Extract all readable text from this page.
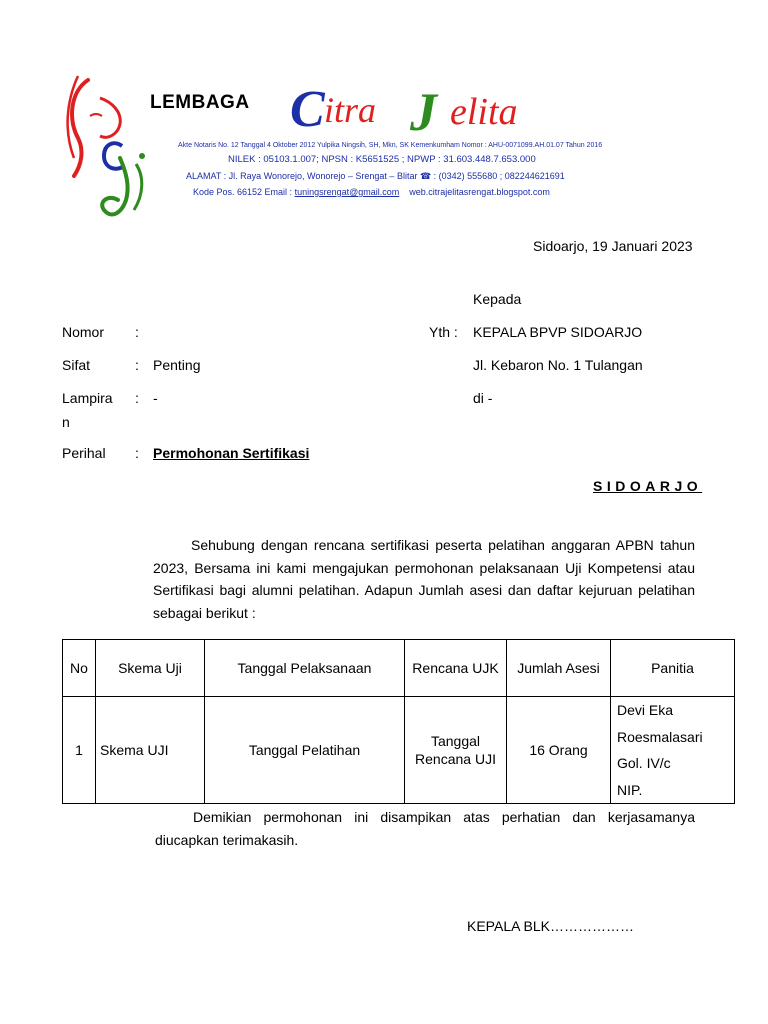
LEMBAGA C itra J elita
Akte Notaris No. 12 Tanggal 4 Oktober 2012 Yulpika Ningsih, SH, Mkn, SK Kemenkumham Nomor : AHU-0071099.AH.01.07 Tahun 2016
NILEK : 05103.1.007; NPSN : K5651525 ; NPWP : 31.603.448.7.653.000
ALAMAT : Jl. Raya Wonorejo, Wonorejo – Srengat – Blitar ☎ : (0342) 555680 ; 082244621691
Kode Pos. 66152 Email : tuningsrengat@gmail.com web.citrajelitasrengat.blogspot.com
Sidoarjo, 19 Januari 2023
Kepada
Yth : KEPALA BPVP SIDOARJO
Jl. Kebaron No. 1 Tulangan
di -
SIDOARJO
Nomor :
Sifat	: Penting
Lampira
n
: -
Perihal : Permohonan Sertifikasi
Sehubung dengan rencana sertifikasi peserta pelatihan anggaran APBN tahun 2023, Bersama ini kami mengajukan permohonan pelaksanaan Uji Kompetensi atau Sertifikasi bagi alumni pelatihan. Adapun Jumlah asesi dan daftar kejuruan pelatihan sebagai berikut :
No	Skema Uji	Tanggal Pelaksanaan	Rencana UJK	Jumlah Asesi	Panitia
1	Skema UJI	Tanggal Pelatihan	Tanggal Rencana UJI	16 Orang	Devi Eka Roesmalasari
Gol. IV/c
NIP.
Demikian permohonan ini disampikan atas perhatian dan kerjasamanya diucapkan terimakasih.
KEPALA BLK………………
